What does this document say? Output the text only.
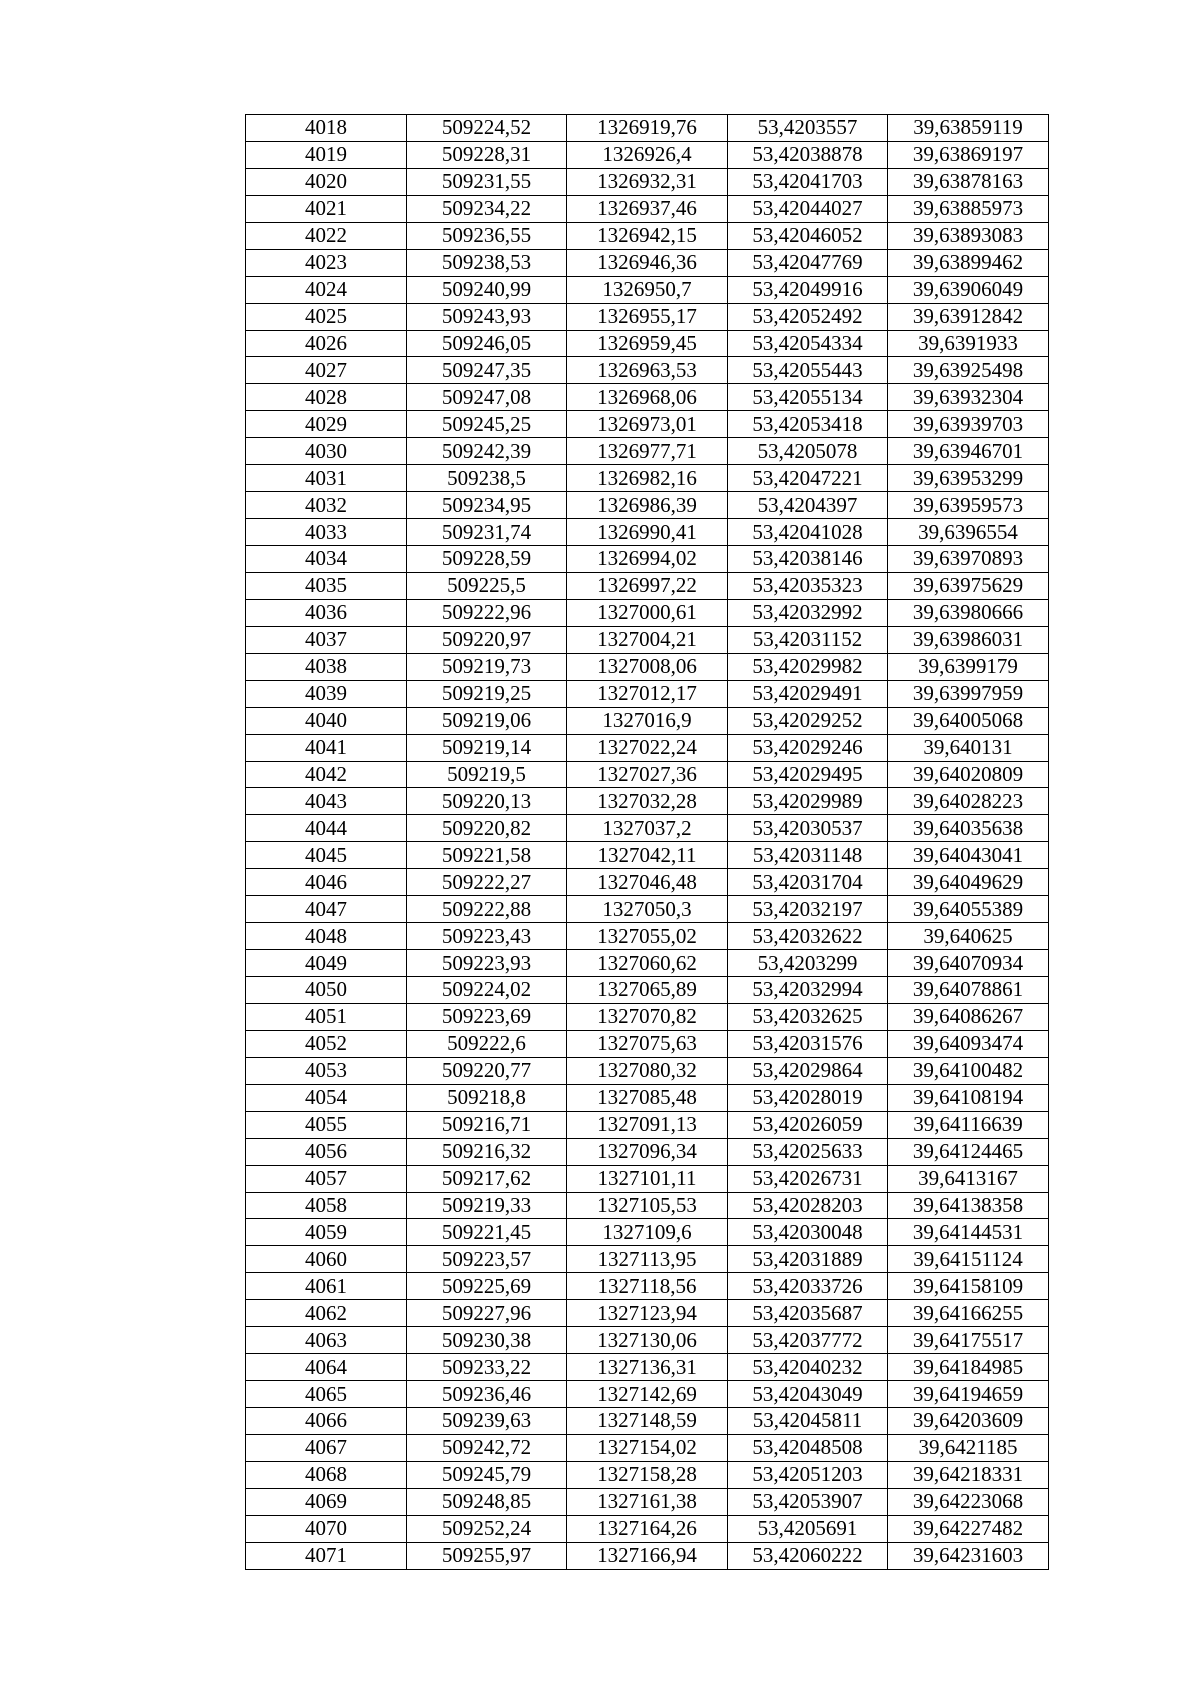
4018	509224,52	1326919,76	53,4203557	39,63859119
4019	509228,31	1326926,4	53,42038878	39,63869197
4020	509231,55	1326932,31	53,42041703	39,63878163
4021	509234,22	1326937,46	53,42044027	39,63885973
4022	509236,55	1326942,15	53,42046052	39,63893083
4023	509238,53	1326946,36	53,42047769	39,63899462
4024	509240,99	1326950,7	53,42049916	39,63906049
4025	509243,93	1326955,17	53,42052492	39,63912842
4026	509246,05	1326959,45	53,42054334	39,6391933
4027	509247,35	1326963,53	53,42055443	39,63925498
4028	509247,08	1326968,06	53,42055134	39,63932304
4029	509245,25	1326973,01	53,42053418	39,63939703
4030	509242,39	1326977,71	53,4205078	39,63946701
4031	509238,5	1326982,16	53,42047221	39,63953299
4032	509234,95	1326986,39	53,4204397	39,63959573
4033	509231,74	1326990,41	53,42041028	39,6396554
4034	509228,59	1326994,02	53,42038146	39,63970893
4035	509225,5	1326997,22	53,42035323	39,63975629
4036	509222,96	1327000,61	53,42032992	39,63980666
4037	509220,97	1327004,21	53,42031152	39,63986031
4038	509219,73	1327008,06	53,42029982	39,6399179
4039	509219,25	1327012,17	53,42029491	39,63997959
4040	509219,06	1327016,9	53,42029252	39,64005068
4041	509219,14	1327022,24	53,42029246	39,640131
4042	509219,5	1327027,36	53,42029495	39,64020809
4043	509220,13	1327032,28	53,42029989	39,64028223
4044	509220,82	1327037,2	53,42030537	39,64035638
4045	509221,58	1327042,11	53,42031148	39,64043041
4046	509222,27	1327046,48	53,42031704	39,64049629
4047	509222,88	1327050,3	53,42032197	39,64055389
4048	509223,43	1327055,02	53,42032622	39,640625
4049	509223,93	1327060,62	53,4203299	39,64070934
4050	509224,02	1327065,89	53,42032994	39,64078861
4051	509223,69	1327070,82	53,42032625	39,64086267
4052	509222,6	1327075,63	53,42031576	39,64093474
4053	509220,77	1327080,32	53,42029864	39,64100482
4054	509218,8	1327085,48	53,42028019	39,64108194
4055	509216,71	1327091,13	53,42026059	39,64116639
4056	509216,32	1327096,34	53,42025633	39,64124465
4057	509217,62	1327101,11	53,42026731	39,6413167
4058	509219,33	1327105,53	53,42028203	39,64138358
4059	509221,45	1327109,6	53,42030048	39,64144531
4060	509223,57	1327113,95	53,42031889	39,64151124
4061	509225,69	1327118,56	53,42033726	39,64158109
4062	509227,96	1327123,94	53,42035687	39,64166255
4063	509230,38	1327130,06	53,42037772	39,64175517
4064	509233,22	1327136,31	53,42040232	39,64184985
4065	509236,46	1327142,69	53,42043049	39,64194659
4066	509239,63	1327148,59	53,42045811	39,64203609
4067	509242,72	1327154,02	53,42048508	39,6421185
4068	509245,79	1327158,28	53,42051203	39,64218331
4069	509248,85	1327161,38	53,42053907	39,64223068
4070	509252,24	1327164,26	53,4205691	39,64227482
4071	509255,97	1327166,94	53,42060222	39,64231603
